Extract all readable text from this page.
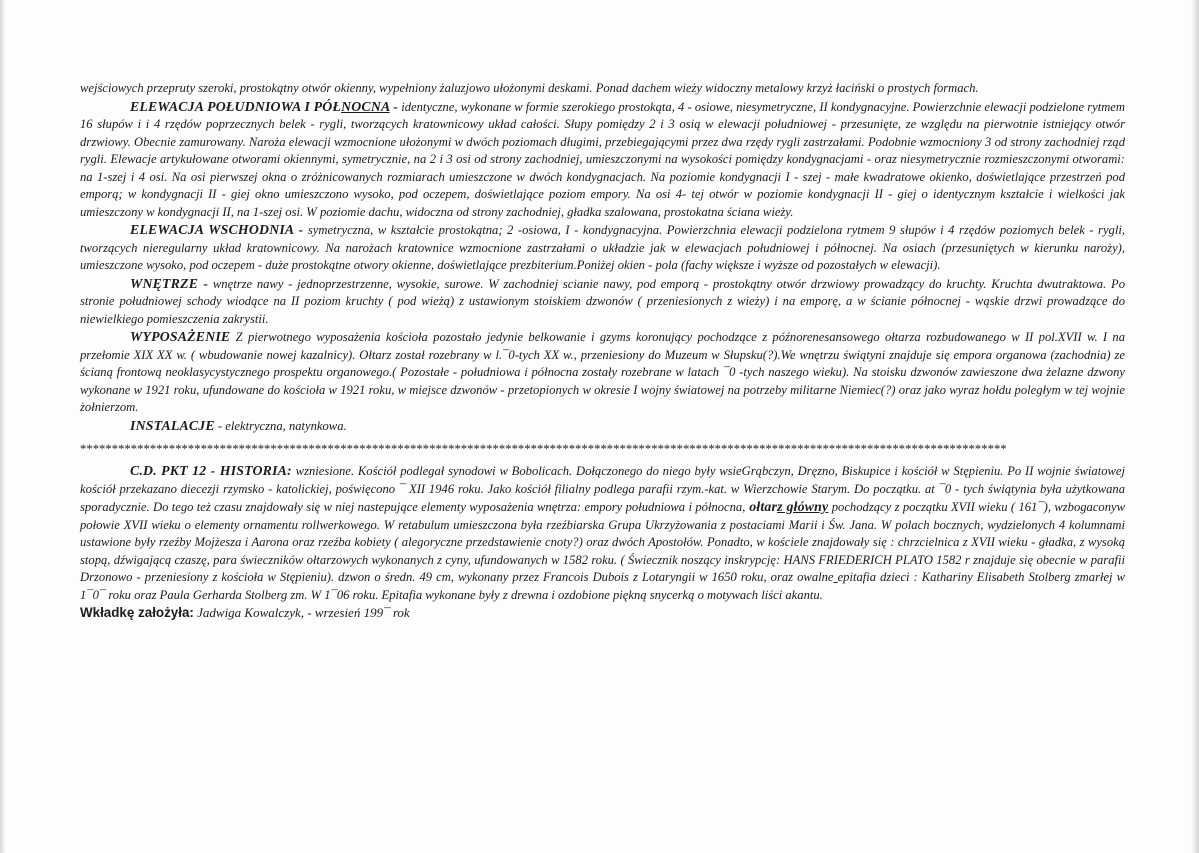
wejściowych przepruty szeroki, prostokątny otwór okienny, wypełniony żaluzjowo ułożonymi deskami. Ponad dachem wieży widoczny metalowy krzyż łaciński o prostych formach.

ELEWACJA POŁUDNIOWA I PÓŁNOCNA - identyczne, wykonane w formie szerokiego prostokąta, 4 - osiowe, niesymetryczne, II kondygnacyjne. Powierzchnie elewacji podzielone rytmem 16 słupów i i 4 rzędów poprzecznych belek - rygli, tworzących kratownicowy układ całości. Słupy pomiędzy 2 i 3 osią w elewacji południowej - przesunięte, ze względu na pierwotnie istniejący otwór drzwiowy. Obecnie zamurowany. Naroża elewacji wzmocnione ułożonymi w dwóch poziomach długimi, przebiegającymi przez dwa rzędy rygli zastrzałami. Podobnie wzmocniony 3 od strony zachodniej rząd rygli. Elewacje artykułowane otworami okiennymi, symetrycznie, na 2 i 3 osi od strony zachodniej, umieszczonymi na wysokości pomiędzy kondygnacjami - oraz niesymetrycznie rozmieszczonymi otworami: na 1-szej i 4 osi. Na osi pierwszej okna o zróżnicowanych rozmiarach umieszczone w dwóch kondygnacjach. Na poziomie kondygnacji I - szej - małe kwadratowe okienko, doświetlające przestrzeń pod emporą; w kondygnacji II - giej okno umieszczono wysoko, pod oczepem, doświetlające poziom empory. Na osi 4- tej otwór w poziomie kondygnacji II - giej o identycznym kształcie i wielkości jak umieszczony w kondygnacji II, na 1-szej osi. W poziomie dachu, widoczna od strony zachodniej, gładka szalowana, prostokatna ściana wieży.

ELEWACJA WSCHODNIA - symetryczna, w kształcie prostokątna; 2 -osiowa, I - kondygnacyjna. Powierzchnia elewacji podzielona rytmem 9 słupów i 4 rzędów poziomych belek - rygli, tworzących nieregularny układ kratownicowy. Na narożach kratownice wzmocnione zastrzałami o układzie jak w elewacjach południowej i północnej. Na osiach (przesuniętych w kierunku naroży), umieszczone wysoko, pod oczepem - duże prostokątne otwory okienne, doświetlające prezbiterium.Poniżej okien - pola (fachy większe i wyższe od pozostałych w elewacji).

WNĘTRZE - wnętrze nawy - jednoprzestrzenne, wysokie, surowe. W zachodniej scianie nawy, pod emporą - prostokątny otwór drzwiowy prowadzący do kruchty. Kruchta dwutraktowa. Po stronie południowej schody wiodące na II poziom kruchty ( pod wieżą) z ustawionym stoiskiem dzwonów ( przeniesionych z wieży) i na emporę, a w ścianie północnej - wąskie drzwi prowadzące do niewielkiego pomieszczenia zakrystii.

WYPOSAŻENIE Z pierwotnego wyposażenia kościoła pozostało jedynie belkowanie i gzyms koronujący pochodzące z późnorenesansowego ołtarza rozbudowanego w II pol.XVII w. I na przełomie XIX XX w. ( wbudowanie nowej kazalnicy). Ołtarz został rozebrany w l.¯0-tych XX w., przeniesiony do Muzeum w Słupsku(?).We wnętrzu świątyni znajduje się empora organowa (zachodnia) ze ścianą frontową neoklasycystycznego prospektu organowego.( Pozostałe - południowa i północna zostały rozebrane w latach ¯0 -tych naszego wieku). Na stoisku dzwonów zawieszone dwa żelazne dzwony wykonane w 1921 roku, ufundowane do kościoła w 1921 roku, w miejsce dzwonów - przetopionych w okresie I wojny światowej na potrzeby militarne Niemiec(?) oraz jako wyraz hołdu poległym w tej wojnie żołnierzom.

INSTALACJE - elektryczna, natynkowa.

**************************************************************************************************************************************************

C.D. PKT 12 - HISTORIA: wzniesione. Kościół podlegał synodowi w Bobolicach. Dołączonego do niego były wsieGrąbczyn, Dręzno, Biskupice i kościół w Stępieniu. Po II wojnie światowej kościół przekazano diecezji rzymsko - katolickiej, poświęcono ¯ XII 1946 roku. Jako kościół filialny podlega parafii rzym.-kat. w Wierzchowie Starym. Do początku. at ¯0 - tych świątynia była użytkowana sporadycznie. Do tego też czasu znajdowały się w niej nastepujące elementy wyposażenia wnętrza: empory południowa i północna, ołtarz główny pochodzący z początku XVII wieku ( 161¯), wzbogaconyw połowie XVII wieku o elementy ornamentu rollwerkowego. W retabulum umieszczona była rzeźbiarska Grupa Ukrzyżowania z postaciami Marii i Św. Jana. W polach bocznych, wydzielonych 4 kolumnami ustawione były rzeźby Mojżesza i Aarona oraz rzeźba kobiety ( alegoryczne przedstawienie cnoty?) oraz dwóch Apostołów. Ponadto, w kościele znajdowały się : chrzcielnica z XVII wieku - gładka, z wysoką stopą, dźwigającą czaszę, para świeczników ołtarzowych wykonanych z cyny, ufundowanych w 1582 roku. ( Świecznik noszący inskrypcję: HANS FRIEDERICH PLATO 1582 r znajduje się obecnie w parafii Drzonowo - przeniesiony z kościoła w Stępieniu). dzwon o średn. 49 cm, wykonany przez Francois Dubois z Lotaryngii w 1650 roku, oraz owalne epitafia dzieci : Kathariny Elisabeth Stolberg zmarłej w 1¯0¯ roku oraz Paula Gerharda Stolberg zm. W 1¯06 roku. Epitafia wykonane były z drewna i ozdobione piękną snycerką o motywach liści akantu.

Wkładkę założyła: Jadwiga Kowalczyk, - wrzesień 199¯ rok
